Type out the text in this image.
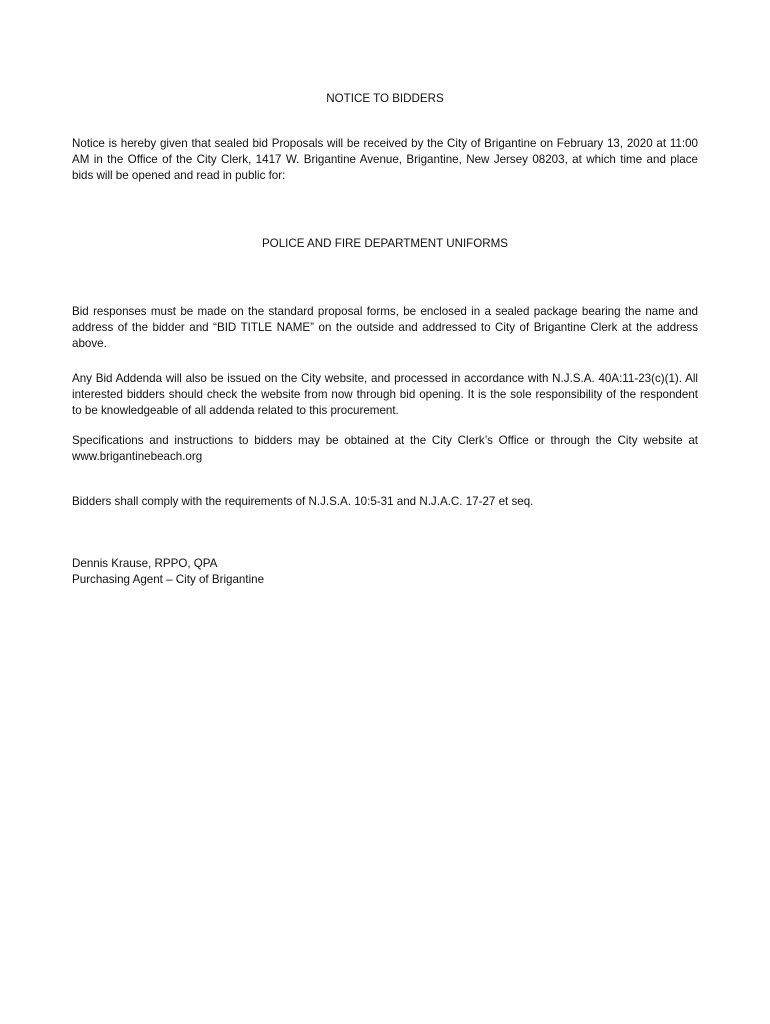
NOTICE TO BIDDERS

Notice is hereby given that sealed bid Proposals will be received by the City of Brigantine on February 13, 2020 at 11:00 AM in the Office of the City Clerk, 1417 W. Brigantine Avenue, Brigantine, New Jersey 08203, at which time and place bids will be opened and read in public for:

POLICE AND FIRE DEPARTMENT UNIFORMS

Bid responses must be made on the standard proposal forms, be enclosed in a sealed package bearing the name and address of the bidder and “BID TITLE NAME” on the outside and addressed to City of Brigantine Clerk at the address above.

Any Bid Addenda will also be issued on the City website, and processed in accordance with N.J.S.A. 40A:11-23(c)(1). All interested bidders should check the website from now through bid opening. It is the sole responsibility of the respondent to be knowledgeable of all addenda related to this procurement.

Specifications and instructions to bidders may be obtained at the City Clerk’s Office or through the City website at www.brigantinebeach.org

Bidders shall comply with the requirements of N.J.S.A. 10:5-31 and N.J.A.C. 17-27 et seq.

Dennis Krause, RPPO, QPA

Purchasing Agent – City of Brigantine
